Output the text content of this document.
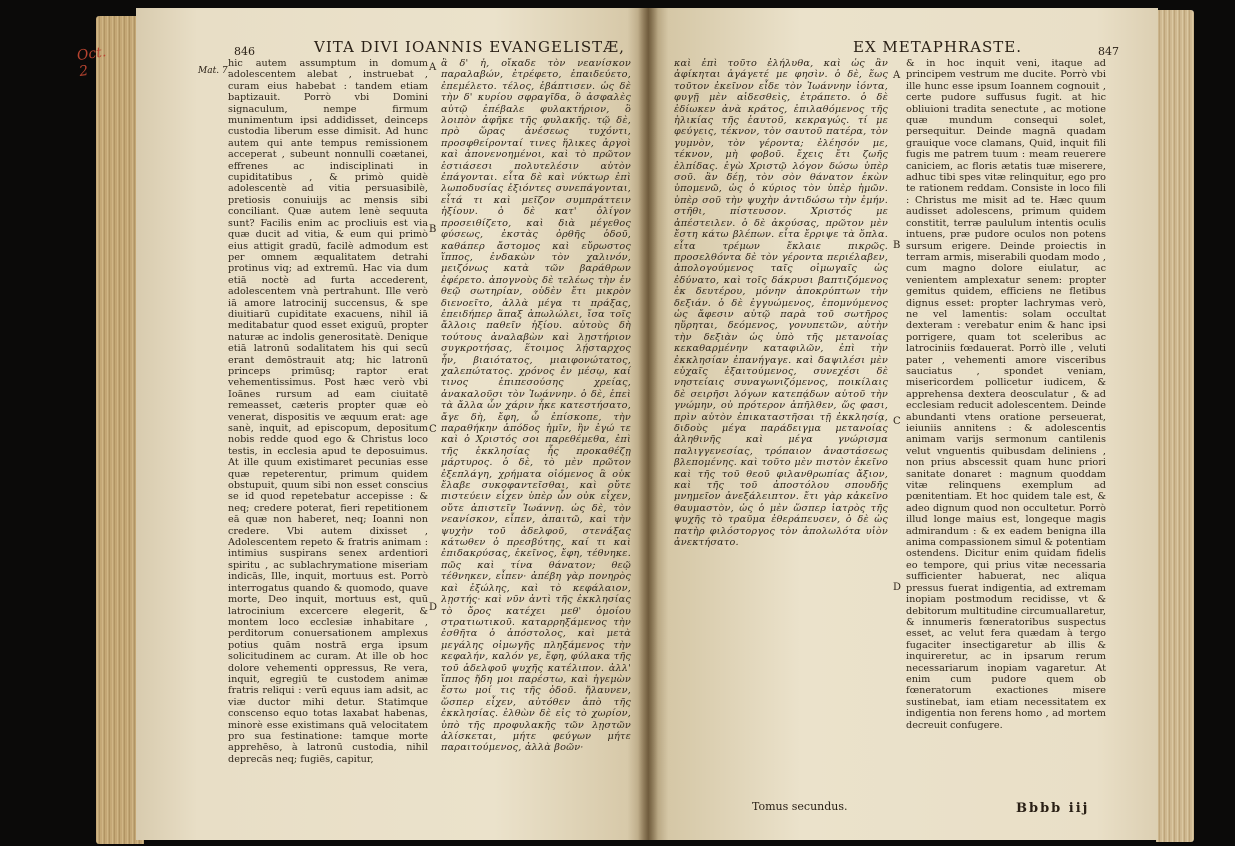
846	VITA DIVI IOANNIS EVANGELISTÆ,
hic autem assumptum in domum adolescentem alebat , instruebat , curam eius habebat : tandem etiam baptizauit. Porrò vbi Domini signaculum, nempe firmum munimentum ipsi addidisset, deinceps custodia liberum esse dimisit. Ad hunc autem qui ante tempus remissionem acceperat , subeunt nonnulli coætanei, effrenes ac indisciplinati in cupiditatibus , & primò quidè adolescentè ad vitia persuasibilè, pretiosis conuiuijs ac mensis sibi conciliant. Quæ autem lenè sequuta sunt? Facilis enim ac procliuis est via quæ ducit ad vitia, & eum qui primò eius attigit gradū, facilè admodum est per omnem æqualitatem detrahi protinus viq; ad extremū. Hac via dum etiā noctè ad furta accederent, adolescentem vnà pertrahunt. Ille verò iā amore latrocinij succensus, & spe diuitiarū cupiditate exacuens, nihil iā meditabatur quod esset exiguū, propter naturæ ac indolis generositatè. Denique etiā latronū sodalitatem his qui secū erant demōstrauit atq; hic latronū princeps primūsq; raptor erat vehementissimus. Post hæc verò vbi Ioānes rursum ad eam ciuitatē remeasset, cæteris propter quæ eò venerat, dispositis ve æquum erat: age sanè, inquit, ad episcopum, depositum nobis redde quod ego & Christus loco testis, in ecclesia apud te deposuimus. At ille quum existimaret pecunias esse quæ repeterentur, primum quidem obstupuit, quum sibi non esset conscius se id quod repetebatur accepisse : & neq; credere poterat, fieri repetitionem eā quæ non haberet, neq; Ioanni non credere. Vbi autem dixisset , Adolescentem repeto & fratris animam : intimius suspirans senex ardentiori spiritu , ac sublachrymatione miseriam indicās, Ille, inquit, mortuus est. Porrò interrogatus quando & quomodo, quave morte, Deo inquit, mortuus est, quū latrocinium excercere elegerit, & montem loco ecclesiæ inhabitare , perditorum conuersationem amplexus potius quām nostrā erga ipsum solicitudinem ac curam. At ille ob hoc dolore vehementi oppressus, Re vera, inquit, egregiū te custodem animæ fratris reliqui : verū equus iam adsit, ac viæ ductor mihi detur. Statimque conscenso equo totas laxabat habenas, minorè esse existimans quā velocitatem pro sua festinatione: tamque morte apprehēso, à latronū custodia, nihil deprecās neq; fugiēs, capitur,
A
B
C
D
ἃ δ' ἦ, οἴκαδε τὸν νεανίσκον παραλαβών, ἐτρέφετο, ἐπαιδεύετο, ἐπεμέλετο. τέλος, ἐβάπτισεν. ὡς δὲ τὴν δ' κυρίου σφραγῖδα, ὃ ἀσφαλὲς αὐτῷ ἐπέβαλε φυλακτήριον, ὃ λοιπὸν ἀφῆκε τῆς φυλακῆς. τῷ δὲ, πρὸ ὥρας ἀνέσεως τυχόντι, προσφθείρονταί τινες ἥλικες ἀργοὶ καὶ ἀπονενοημένοι, καὶ τὸ πρῶτον ἑστιάσεσι πολυτελέσιν αὐτὸν ἐπάγονται. εἶτα δὲ καὶ νύκτωρ ἐπὶ λωποδυσίας ἐξιόντες συνεπάγονται, εἶτά τι καὶ μεῖζον συμπράττειν ἠξίουν. ὁ δὲ κατ' ὀλίγον προσειθίζετο, καὶ διὰ μέγεθος φύσεως, ἐκστὰς ὀρθῆς ὁδοῦ, καθάπερ ἄστομος καὶ εὔρωστος ἵππος, ἐνδακὼν τὸν χαλινόν, μειζόνως κατὰ τῶν βαράθρων ἐφέρετο. ἀπογνοὺς δὲ τελέως τὴν ἐν θεῷ σωτηρίαν, οὐδὲν ἔτι μικρὸν διενοεῖτο, ἀλλὰ μέγα τι πράξας, ἐπειδήπερ ἅπαξ ἀπωλώλει, ἴσα τοῖς ἄλλοις παθεῖν ἠξίου. αὐτοὺς δὴ τούτους ἀναλαβὼν καὶ λῃστήριον συγκροτήσας, ἕτοιμος λῄσταρχος ἦν, βιαιότατος, μιαιφονώτατος, χαλεπώτατος. χρόνος ἐν μέσῳ, καί τινος ἐπιπεσούσης χρείας, ἀνακαλοῦσι τὸν Ἰωάννην. ὁ δὲ, ἐπεὶ τὰ ἄλλα ὧν χάριν ἧκε κατεστήσατο, ἄγε δὴ, ἔφη, ὦ ἐπίσκοπε, τὴν παραθήκην ἀπόδος ἡμῖν, ἣν ἐγώ τε καὶ ὁ Χριστός σοι παρεθέμεθα, ἐπὶ τῆς ἐκκλησίας ἧς προκαθέζῃ μάρτυρος. ὁ δὲ, τὸ μὲν πρῶτον ἐξεπλάγη, χρήματα οἰόμενος ἃ οὐκ ἔλαβε συκοφαντεῖσθαι, καὶ οὔτε πιστεύειν εἶχεν ὑπὲρ ὧν οὐκ εἶχεν, οὔτε ἀπιστεῖν Ἰωάννῃ. ὡς δὲ, τὸν νεανίσκον, εἶπεν, ἀπαιτῶ, καὶ τὴν ψυχὴν τοῦ ἀδελφοῦ, στενάξας κάτωθεν ὁ πρεσβύτης, καί τι καὶ ἐπιδακρύσας, ἐκεῖνος, ἔφη, τέθνηκε. πῶς καὶ τίνα θάνατον; θεῷ τέθνηκεν, εἶπεν· ἀπέβη γὰρ πονηρὸς καὶ ἐξώλης, καὶ τὸ κεφάλαιον, λῃστής· καὶ νῦν ἀντὶ τῆς ἐκκλησίας τὸ ὄρος κατέχει μεθ' ὁμοίου στρατιωτικοῦ. καταρρηξάμενος τὴν ἐσθῆτα ὁ ἀπόστολος, καὶ μετὰ μεγάλης οἰμωγῆς πληξάμενος τὴν κεφαλήν, καλόν γε, ἔφη, φύλακα τῆς τοῦ ἀδελφοῦ ψυχῆς κατέλιπον. ἀλλ' ἵππος ἤδη μοι παρέστω, καὶ ἡγεμὼν ἔστω μοί τις τῆς ὁδοῦ. ἤλαυνεν, ὥσπερ εἶχεν, αὐτόθεν ἀπὸ τῆς ἐκκλησίας. ἐλθὼν δὲ εἰς τὸ χωρίον, ὑπὸ τῆς προφυλακῆς τῶν λῃστῶν ἁλίσκεται, μήτε φεύγων μήτε παραιτούμενος, ἀλλὰ βοῶν·
Mat. 7.
EX METAPHRASTE.	847
καὶ ἐπὶ τοῦτο ἐλήλυθα, καὶ ὡς ἂν ἀφίκηται ἀγάγετέ με φησὶν. ὁ δὲ, ἕως τοῦτον ἐκεῖνον εἶδε τὸν Ἰωάννην ἰόντα, φυγῇ μὲν αἰδεσθεὶς, ἐτράπετο. ὁ δὲ ἐδίωκεν ἀνὰ κράτος, ἐπιλαθόμενος τῆς ἡλικίας τῆς ἑαυτοῦ, κεκραγώς. τί με φεύγεις, τέκνον, τὸν σαυτοῦ πατέρα, τὸν γυμνὸν, τὸν γέροντα; ἐλέησόν με, τέκνον, μὴ φοβοῦ. ἔχεις ἔτι ζωῆς ἐλπίδας. ἐγὼ Χριστῷ λόγον δώσω ὑπὲρ σοῦ. ἂν δέῃ, τὸν σὸν θάνατον ἑκὼν ὑπομενῶ, ὡς ὁ κύριος τὸν ὑπὲρ ἡμῶν. ὑπὲρ σοῦ τὴν ψυχὴν ἀντιδώσω τὴν ἐμήν. στῆθι, πίστευσον. Χριστός με ἀπέστειλεν. ὁ δὲ ἀκούσας, πρῶτον μὲν ἔστη κάτω βλέπων. εἶτα ἔρριψε τὰ ὅπλα. εἶτα τρέμων ἔκλαιε πικρῶς. προσελθόντα δὲ τὸν γέροντα περιέλαβεν, ἀπολογούμενος ταῖς οἰμωγαῖς ὡς ἐδύνατο, καὶ τοῖς δάκρυσι βαπτιζόμενος ἐκ δευτέρου, μόνην ἀποκρύπτων τὴν δεξιάν. ὁ δὲ ἐγγυώμενος, ἐπομνύμενος ὡς ἄφεσιν αὐτῷ παρὰ τοῦ σωτῆρος ηὕρηται, δεόμενος, γονυπετῶν, αὐτὴν τὴν δεξιὰν ὡς ὑπὸ τῆς μετανοίας κεκαθαρμένην καταφιλῶν, ἐπὶ τὴν ἐκκλησίαν ἐπανήγαγε. καὶ δαψιλέσι μὲν εὐχαῖς ἐξαιτούμενος, συνεχέσι δὲ νηστείαις συναγωνιζόμενος, ποικίλαις δὲ σειρῆσι λόγων κατεπᾴδων αὐτοῦ τὴν γνώμην, οὐ πρότερον ἀπῆλθεν, ὥς φασι, πρὶν αὐτὸν ἐπικαταστῆσαι τῇ ἐκκλησίᾳ, διδοὺς μέγα παράδειγμα μετανοίας ἀληθινῆς καὶ μέγα γνώρισμα παλιγγενεσίας, τρόπαιον ἀναστάσεως βλεπομένης. καὶ τοῦτο μὲν πιστὸν ἐκεῖνο καὶ τῆς τοῦ θεοῦ φιλανθρωπίας ἄξιον, καὶ τῆς τοῦ ἀποστόλου σπουδῆς μνημεῖον ἀνεξάλειπτον. ἔτι γὰρ κἀκεῖνο θαυμαστὸν, ὡς ὁ μὲν ὥσπερ ἰατρὸς τῆς ψυχῆς τὸ τραῦμα ἐθεράπευσεν, ὁ δὲ ὡς πατὴρ φιλόστοργος τὸν ἀπολωλότα υἱὸν ἀνεκτήσατο.
A
B
C
D
& in hoc inquit veni, itaque ad principem vestrum me ducite. Porrò vbi ille hunc esse ipsum Ioannem cognouit , certe pudore suffusus fugit. at hic obliuioni tradita senectute , ac motione quæ mundum consequi solet, persequitur. Deinde magnā quadam grauique voce clamans, Quid, inquit fili fugis me patrem tuum : meam reuerere caniciem, ac floris ætatis tuæ miserere, adhuc tibi spes vitæ relinquitur, ego pro te rationem reddam. Consiste in loco fili : Christus me misit ad te. Hæc quum audisset adolescens, primum quidem constitit, terræ paululum intentis oculis intuens, præ pudore oculos non potens sursum erigere. Deinde proiectis in terram armis, miserabili quodam modo , cum magno dolore eiulatur, ac venientem amplexatur senem: propter gemitus quidem, efficiens ne fletibus dignus esset: propter lachrymas verò, ne vel lamentis: solam occultat dexteram : verebatur enim & hanc ipsi porrigere, quam tot sceleribus ac latrociniis fœdauerat. Porrò ille , veluti pater , vehementi amore visceribus sauciatus , spondet veniam, misericordem pollicetur iudicem, & apprehensa dextera deosculatur , & ad ecclesiam reducit adolescentem. Deinde abundanti vtens oratione perseuerat, ieiuniis annitens : & adolescentis animam varijs sermonum cantilenis velut vnguentis quibusdam deliniens , non prius abscessit quam hunc priori sanitate donaret : magnum quoddam vitæ relinquens exemplum ad pœnitentiam. Et hoc quidem tale est, & adeo dignum quod non occultetur. Porrò illud longe maius est, longeque magis admirandum : & ex eadem benigna illa anima compassionem simul & potentiam ostendens. Dicitur enim quidam fidelis eo tempore, qui prius vitæ necessaria sufficienter habuerat, nec aliqua pressus fuerat indigentia, ad extremam inopiam postmodum recidisse, vt & debitorum multitudine circumuallaretur, & innumeris fœneratoribus suspectus esset, ac velut fera quædam à tergo fugaciter insectigaretur ab illis & inquireretur, ac in ipsarum rerum necessariarum inopiam vagaretur. At enim cum pudore quem ob fœneratorum exactiones misere sustinebat, iam etiam necessitatem ex indigentia non ferens homo , ad mortem decreuit confugere.
Tomus secundus.	Bbbb iij
Oct. 2
